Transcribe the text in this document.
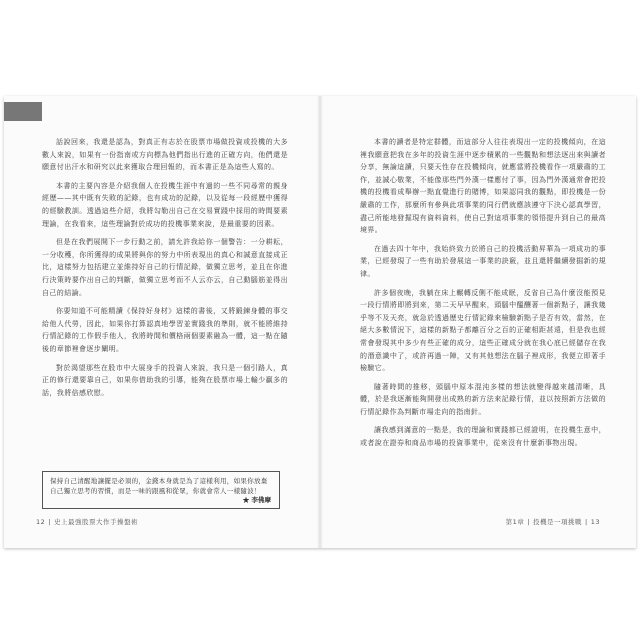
話說回來，我還是認為，對真正有志於在股票市場做投資或投機的大多數人來說，如果有一份指南或方向標為他們指出行進的正確方向，他們還是願意付出汗水和研究以此來獲取合理回報的，而本書正是為這些人寫的。

本書的主要內容是介紹我個人在投機生涯中有過的一些不同尋常的親身經歷——其中既有失敗的記錄，也有成功的記錄，以及從每一段經歷中獲得的經驗教訓。透過這些介紹，我將勾勒出自己在交易實踐中採用的時間要素理論，在我看來，這些理論對於成功的投機事業來說，是最重要的因素。

但是在我們展開下一步行動之前，請允許我給你一個警告：一分耕耘，一分收穫，你所獲得的成果將與你的努力中所表現出的真心和誠意直接成正比，這樣努力包括建立並維持好自己的行情記錄，做獨立思考，並且在你進行決策時要作出自己的判斷，做獨立思考而不人云亦云，自己動腦筋並得出自己的結論。

你要知道不可能精讀《保持好身材》這樣的書後，又將鍛鍊身體的事交給他人代勞，因此，如果你打算認真地學習並實踐我的準則，就不能將維持行情記錄的工作假手他人，我將時間和價格兩個要素融為一體，這一點在隨後的章節裡會逐步闡明。

對於渴望那些在股市中大展身手的投資人來說，我只是一個引路人，真正的修行還要靠自己，如果你借助我的引導，能夠在股票市場上輸少贏多的話，我將倍感欣慰。

保持自己清醒地讓擺是必須的，金錢本身就是為了這樣利用，如果你放棄自己獨立思考的習慣，而是一味的跟風和從眾，你就會常人一樣隨波！
★ 李佛摩
12 | 史上最強股票大作手操盤術

本書的讀者是特定群體，而這部分人往往表現出一定的投機傾向，在這裡我願意把我在多年的投資生涯中逐步積累的一些觀點和想法逐出來與讀者分享，無論這讀，只要天性存在投機傾向，就應當將投機看作一項嚴肅的工作，並誠心敬業，不能像那些門外漢一樣應付了事，因為門外漢通常會把投機的投機看成舉辦一點直覺進行的賭博，如果認同我的觀點，即投機是一份嚴肅的工作，那麼所有參與此項事業的同行們就應該遵守下決心認真學習，盡己所能地發掘現有資料資料，使自己對這項事業的領悟提升到自己的最高境界。

在過去四十年中，我始終致力於將自己的投機活動昇華為一項成功的事業，已經發現了一些有助於發展這一事業的訣竅，並且還將繼續發掘新的規律。

許多個夜晚，我躺在床上輾轉反側不能成眠，反省自己為什麼沒能預見一段行情將即將到來，第二天早早醒來，頭腦中醞釀著一個新點子，讓我幾乎等不及天亮，就急於透過歷史行情記錄來檢驗新點子是否有效，當然，在絕大多數情況下，這樣的新點子都離百分之百的正確相距甚遠，但是我也經常會發現其中多少有些正確的成分，這些正確成分就在我心底已經儲存在我的潛意識中了，或許再過一陣，又有其他想法在腦子裡成形，我便立即著手檢驗它。

隨著時間的推移，頭腦中原本混沌多樣的想法就變得越來越清晰，具體，於是我逐漸能夠開發出成熟的新方法來記錄行情，並以按照新方法做的行情記錄作為判斷市場走向的指南針。

讓我感到滿意的一點是，我的理論和實踐都已經證明，在投機生意中，或者說在證券和商品市場的投資事業中，從來沒有什麼新事物出現。

第1章 | 投機是一項挑戰 | 13
